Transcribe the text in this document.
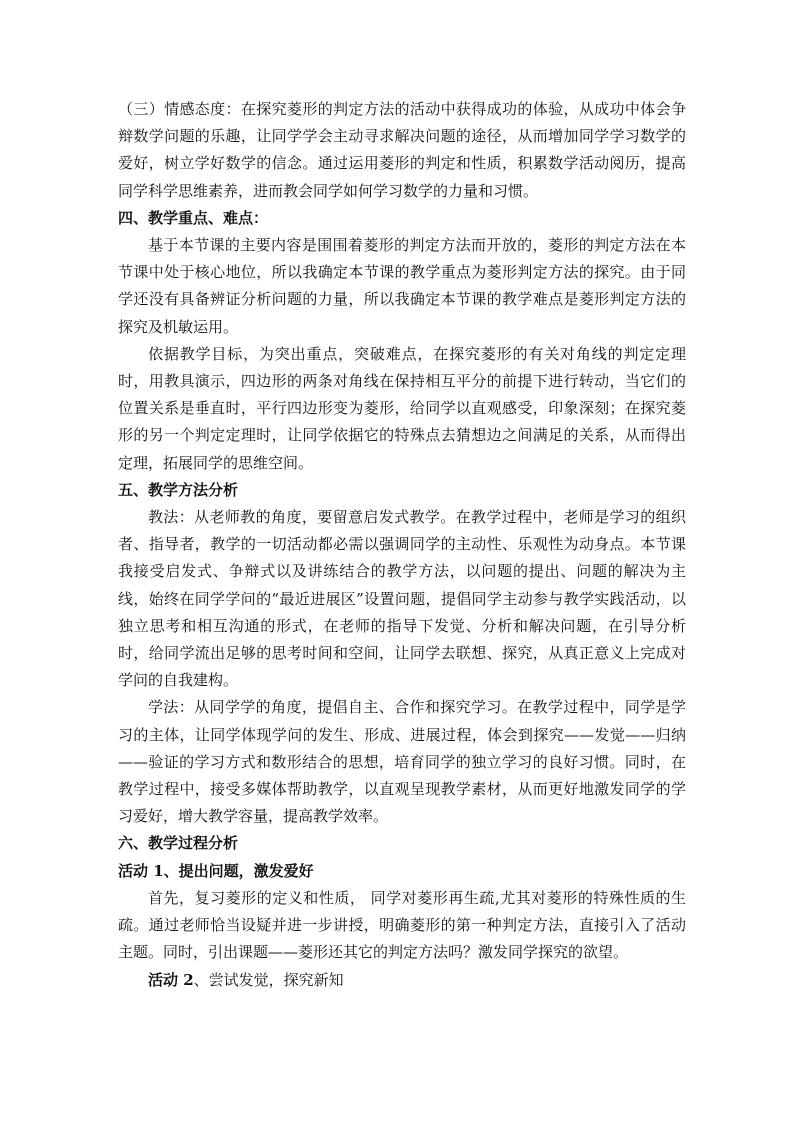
（三）情感态度：在探究菱形的判定方法的活动中获得成功的体验，从成功中体会争辩数学问题的乐趣，让同学学会主动寻求解决问题的途径，从而增加同学学习数学的爱好，树立学好数学的信念。通过运用菱形的判定和性质，积累数学活动阅历，提高同学科学思维素养，进而教会同学如何学习数学的力量和习惯。

四、教学重点、难点：

基于本节课的主要内容是围围着菱形的判定方法而开放的，菱形的判定方法在本节课中处于核心地位，所以我确定本节课的教学重点为菱形判定方法的探究。由于同学还没有具备辨证分析问题的力量，所以我确定本节课的教学难点是菱形判定方法的探究及机敏运用。

依据教学目标，为突出重点，突破难点，在探究菱形的有关对角线的判定定理时，用教具演示，四边形的两条对角线在保持相互平分的前提下进行转动，当它们的位置关系是垂直时，平行四边形变为菱形，给同学以直观感受，印象深刻；在探究菱形的另一个判定定理时，让同学依据它的特殊点去猜想边之间满足的关系，从而得出定理，拓展同学的思维空间。

五、教学方法分析

教法：从老师教的角度，要留意启发式教学。在教学过程中，老师是学习的组织者、指导者，教学的一切活动都必需以强调同学的主动性、乐观性为动身点。本节课我接受启发式、争辩式以及讲练结合的教学方法，以问题的提出、问题的解决为主线，始终在同学学问的“最近进展区”设置问题，提倡同学主动参与教学实践活动，以独立思考和相互沟通的形式，在老师的指导下发觉、分析和解决问题，在引导分析时，给同学流出足够的思考时间和空间，让同学去联想、探究，从真正意义上完成对学问的自我建构。

学法：从同学学的角度，提倡自主、合作和探究学习。在教学过程中，同学是学习的主体，让同学体现学问的发生、形成、进展过程，体会到探究——发觉——归纳——验证的学习方式和数形结合的思想，培育同学的独立学习的良好习惯。同时，在教学过程中，接受多媒体帮助教学，以直观呈现教学素材，从而更好地激发同学的学习爱好，增大教学容量，提高教学效率。

六、教学过程分析

活动 1、提出问题，激发爱好

首先，复习菱形的定义和性质， 同学对菱形再生疏,尤其对菱形的特殊性质的生疏。通过老师恰当设疑并进一步讲授，明确菱形的第一种判定方法，直接引入了活动主题。同时，引出课题——菱形还其它的判定方法吗？激发同学探究的欲望。

活动 2、尝试发觉，探究新知
